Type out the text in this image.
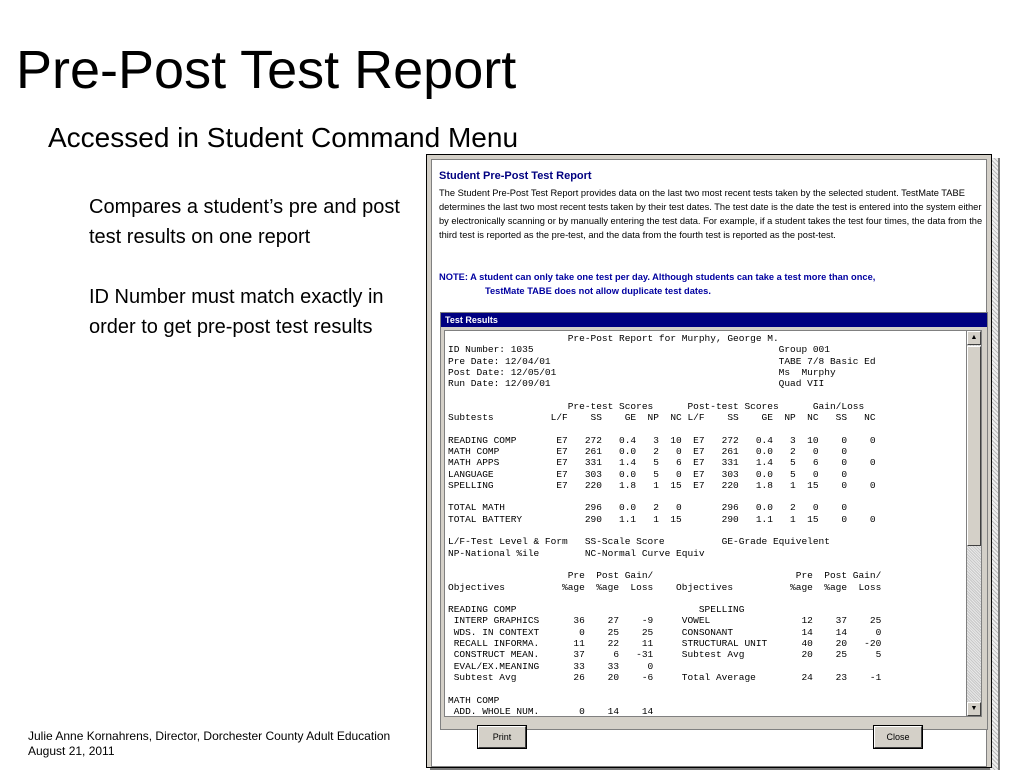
Pre-Post Test Report
Accessed in Student Command Menu

Compares a student’s pre and post test results on one report

ID Number must match exactly in order to get pre-post test results

Julie Anne Kornahrens, Director, Dorchester County Adult Education
August 21, 2011
Student Pre-Post Test Report
The Student Pre-Post Test Report provides data on the last two most recent tests taken by the selected student. TestMate TABE determines the last two most recent tests taken by their test dates. The test date is the date the test is entered into the system either by electronically scanning or by manually entering the test data. For example, if a student takes the test four times, the data from the third test is reported as the pre-test, and the data from the fourth test is reported as the post-test.
NOTE: A student can only take one test per day. Although students can take a test more than once,
TestMate TABE does not allow duplicate test dates.
Test Results
Pre-Post Report for Murphy, George M.
ID Number: 1035                                           Group 001
Pre Date: 12/04/01                                        TABE 7/8 Basic Ed
Post Date: 12/05/01                                       Ms  Murphy
Run Date: 12/09/01                                        Quad VII

Pre-test Scores      Post-test Scores      Gain/Loss
Subtests          L/F    SS    GE  NP  NC L/F    SS    GE  NP  NC   SS   NC

READING COMP       E7   272   0.4   3  10  E7   272   0.4   3  10    0    0
MATH COMP          E7   261   0.0   2   0  E7   261   0.0   2   0    0
MATH APPS          E7   331   1.4   5   6  E7   331   1.4   5   6    0    0
LANGUAGE           E7   303   0.0   5   0  E7   303   0.0   5   0    0
SPELLING           E7   220   1.8   1  15  E7   220   1.8   1  15    0    0

TOTAL MATH              296   0.0   2   0       296   0.0   2   0    0
TOTAL BATTERY           290   1.1   1  15       290   1.1   1  15    0    0

L/F-Test Level & Form   SS-Scale Score          GE-Grade Equivelent
NP-National %ile        NC-Normal Curve Equiv

Pre  Post Gain/                         Pre  Post Gain/
Objectives          %age  %age  Loss    Objectives          %age  %age  Loss

READING COMP                                SPELLING
INTERP GRAPHICS      36    27    -9     VOWEL                12    37    25
WDS. IN CONTEXT       0    25    25     CONSONANT            14    14     0
RECALL INFORMA.      11    22    11     STRUCTURAL UNIT      40    20   -20
CONSTRUCT MEAN.      37     6   -31     Subtest Avg          20    25     5
EVAL/EX.MEANING      33    33     0
Subtest Avg          26    20    -6     Total Average        24    23    -1

MATH COMP
ADD. WHOLE NUM.       0    14    14

▲
▼
Print	Close
